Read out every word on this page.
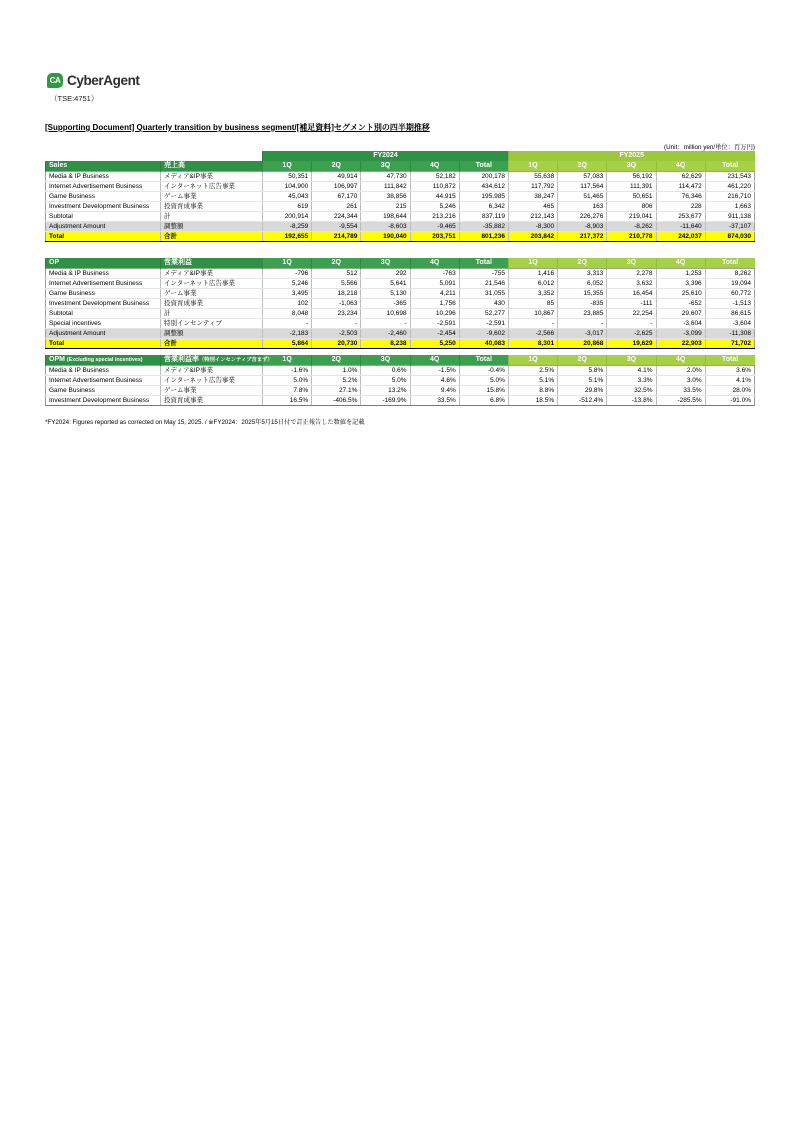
CA CyberAgent
（TSE:4751）
[Supporting Document] Quarterly transition by business segment/[補足資料]セグメント別の四半期推移
(Unit：million yen/単位：百万円)
		FY2024					FY2025				
Sales	売上高	1Q	2Q	3Q	4Q	Total	1Q	2Q	3Q	4Q	Total
Media & IP Business	メディア&IP事業	50,351	49,914	47,730	52,182	200,178	55,638	57,083	56,192	62,629	231,543
Internet Advertisement Business	インターネット広告事業	104,900	106,997	111,842	110,872	434,612	117,792	117,564	111,391	114,472	461,220
Game Business	ゲーム事業	45,043	67,170	38,856	44,915	195,985	38,247	51,465	50,651	76,346	216,710
Investment Development Business	投資育成事業	619	261	215	5,246	6,342	465	163	806	228	1,663
Subtotal	計	200,914	224,344	198,644	213,216	837,119	212,143	226,276	219,041	253,677	911,138
Adjustment Amount	調整額	-8,259	-9,554	-8,603	-9,465	-35,882	-8,300	-8,903	-8,262	-11,640	-37,107
Total	合計	192,655	214,789	190,040	203,751	801,236	203,842	217,372	210,778	242,037	874,030
OP	営業利益	1Q	2Q	3Q	4Q	Total	1Q	2Q	3Q	4Q	Total
Media & IP Business	メディア&IP事業	-796	512	292	-763	-755	1,416	3,313	2,278	1,253	8,262
Internet Advertisement Business	インターネット広告事業	5,246	5,566	5,641	5,091	21,546	6,012	6,052	3,632	3,396	19,094
Game Business	ゲーム事業	3,495	18,218	5,130	4,211	31,055	3,352	15,355	16,454	25,610	60,772
Investment Development Business	投資育成事業	102	-1,063	-365	1,756	430	85	-835	-111	-652	-1,513
Subtotal	計	8,048	23,234	10,698	10,296	52,277	10,867	23,885	22,254	29,607	86,615
Special incentives	特別インセンティブ	-	-	-	-2,591	-2,591	-	-	-	-3,604	-3,604
Adjustment Amount	調整額	-2,183	-2,503	-2,460	-2,454	-9,602	-2,566	-3,017	-2,625	-3,099	-11,308
Total	合計	5,864	20,730	8,238	5,250	40,083	8,301	20,868	19,629	22,903	71,702
OPM (Excluding special incentives)	営業利益率（特別インセンティブ含まず）	1Q	2Q	3Q	4Q	Total	1Q	2Q	3Q	4Q	Total
Media & IP Business	メディア&IP事業	-1.6%	1.0%	0.6%	-1.5%	-0.4%	2.5%	5.8%	4.1%	2.0%	3.6%
Internet Advertisement Business	インターネット広告事業	5.0%	5.2%	5.0%	4.6%	5.0%	5.1%	5.1%	3.3%	3.0%	4.1%
Game Business	ゲーム事業	7.8%	27.1%	13.2%	9.4%	15.8%	8.8%	29.8%	32.5%	33.5%	28.0%
Investment Development Business	投資育成事業	16.5%	-406.5%	-169.9%	33.5%	6.8%	18.5%	-512.4%	-13.8%	-285.5%	-91.0%
*FY2024: Figures reported as corrected on May 15, 2025. / ※FY2024：2025年5月15日付で訂正報告した数値を記載
